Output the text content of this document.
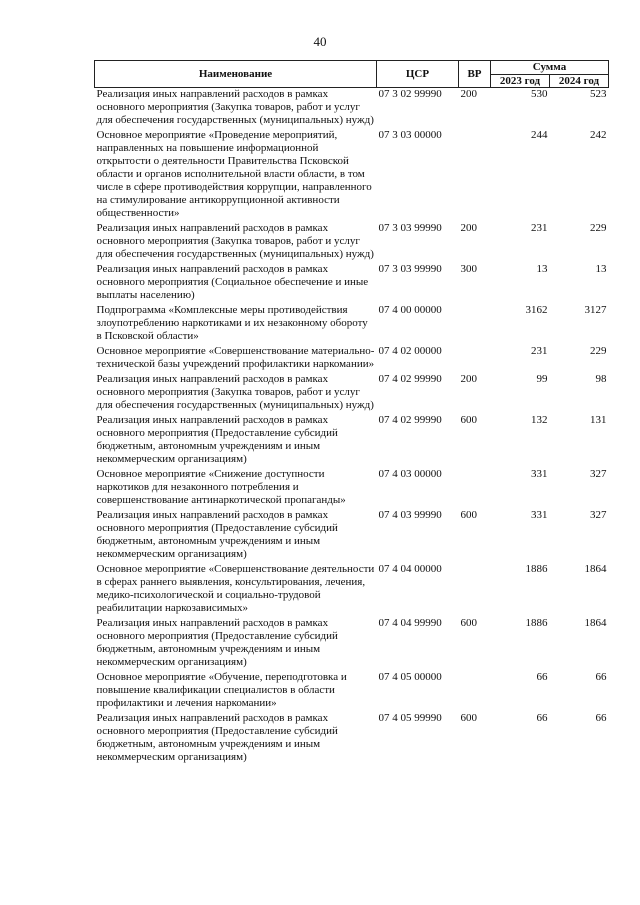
40
Наименование	ЦСР	ВР	Сумма	
			2023 год	2024 год
Реализация иных направлений расходов в рамках основного мероприятия (Закупка товаров, работ и услуг для обеспечения государственных (муниципальных) нужд)	07 3 02 99990	200	530	523
Основное мероприятие «Проведение мероприятий, направленных на повышение информационной открытости о деятельности Правительства Псковской области и органов исполнительной власти области, в том числе в сфере противодействия коррупции, направленного на стимулирование антикоррупционной активности общественности»	07 3 03 00000		244	242
Реализация иных направлений расходов в рамках основного мероприятия (Закупка товаров, работ и услуг для обеспечения государственных (муниципальных) нужд)	07 3 03 99990	200	231	229
Реализация иных направлений расходов в рамках основного мероприятия (Социальное обеспечение и иные выплаты населению)	07 3 03 99990	300	13	13
Подпрограмма «Комплексные меры противодействия злоупотреблению наркотиками и их незаконному обороту в Псковской области»	07 4 00 00000		3162	3127
Основное мероприятие «Совершенствование материально-технической базы учреждений профилактики наркомании»	07 4 02 00000		231	229
Реализация иных направлений расходов в рамках основного мероприятия (Закупка товаров, работ и услуг для обеспечения государственных (муниципальных) нужд)	07 4 02 99990	200	99	98
Реализация иных направлений расходов в рамках основного мероприятия (Предоставление субсидий бюджетным, автономным учреждениям и иным некоммерческим организациям)	07 4 02 99990	600	132	131
Основное мероприятие «Снижение доступности наркотиков для незаконного потребления и совершенствование антинаркотической пропаганды»	07 4 03 00000		331	327
Реализация иных направлений расходов в рамках основного мероприятия (Предоставление субсидий бюджетным, автономным учреждениям и иным некоммерческим организациям)	07 4 03 99990	600	331	327
Основное мероприятие «Совершенствование деятельности в сферах раннего выявления, консультирования, лечения, медико-психологической и социально-трудовой реабилитации наркозависимых»	07 4 04 00000		1886	1864
Реализация иных направлений расходов в рамках основного мероприятия (Предоставление субсидий бюджетным, автономным учреждениям и иным некоммерческим организациям)	07 4 04 99990	600	1886	1864
Основное мероприятие «Обучение, переподготовка и повышение квалификации специалистов в области профилактики и лечения наркомании»	07 4 05 00000		66	66
Реализация иных направлений расходов в рамках основного мероприятия (Предоставление субсидий бюджетным, автономным учреждениям и иным некоммерческим организациям)	07 4 05 99990	600	66	66
